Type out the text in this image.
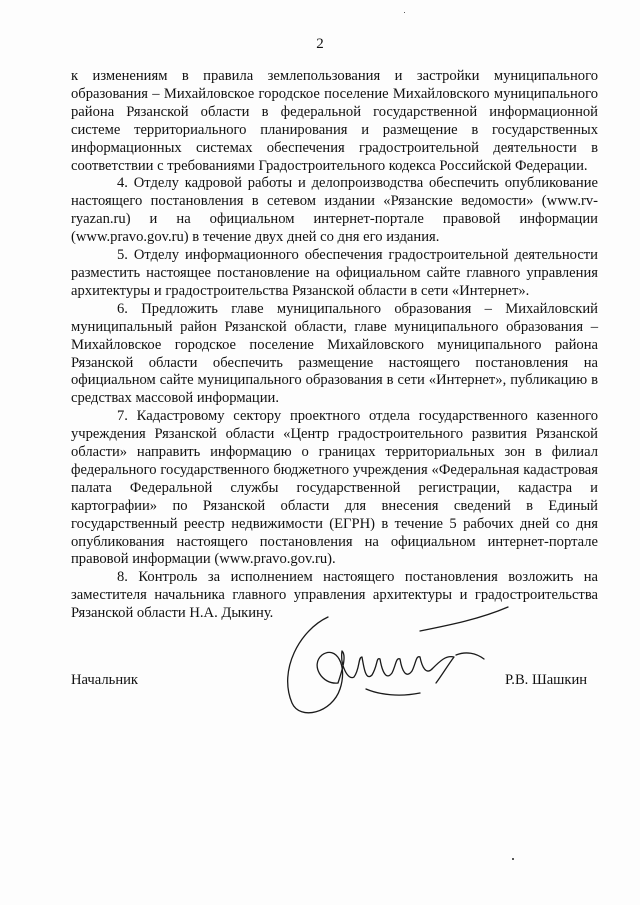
2

к изменениям в правила землепользования и застройки муниципального образования – Михайловское городское поселение Михайловского муниципального района Рязанской области в федеральной государственной информационной системе территориального планирования и размещение в государственных информационных системах обеспечения градостроительной деятельности в соответствии с требованиями Градостроительного кодекса Российской Федерации.

4. Отделу кадровой работы и делопроизводства обеспечить опубликование настоящего постановления в сетевом издании «Рязанские ведомости» (www.rv-ryazan.ru) и на официальном интернет-портале правовой информации (www.pravo.gov.ru) в течение двух дней со дня его издания.

5. Отделу информационного обеспечения градостроительной деятельности разместить настоящее постановление на официальном сайте главного управления архитектуры и градостроительства Рязанской области в сети «Интернет».

6. Предложить главе муниципального образования – Михайловский муниципальный район Рязанской области, главе муниципального образования – Михайловское городское поселение Михайловского муниципального района Рязанской области обеспечить размещение настоящего постановления на официальном сайте муниципального образования в сети «Интернет», публикацию в средствах массовой информации.

7. Кадастровому сектору проектного отдела государственного казенного учреждения Рязанской области «Центр градостроительного развития Рязанской области» направить информацию о границах территориальных зон в филиал федерального государственного бюджетного учреждения «Федеральная кадастровая палата Федеральной службы государственной регистрации, кадастра и картографии» по Рязанской области для внесения сведений в Единый государственный реестр недвижимости (ЕГРН) в течение 5 рабочих дней со дня опубликования настоящего постановления на официальном интернет-портале правовой информации (www.pravo.gov.ru).

8. Контроль за исполнением настоящего постановления возложить на заместителя начальника главного управления архитектуры и градостроительства Рязанской области Н.А. Дыкину.

Начальник	Р.В. Шашкин
